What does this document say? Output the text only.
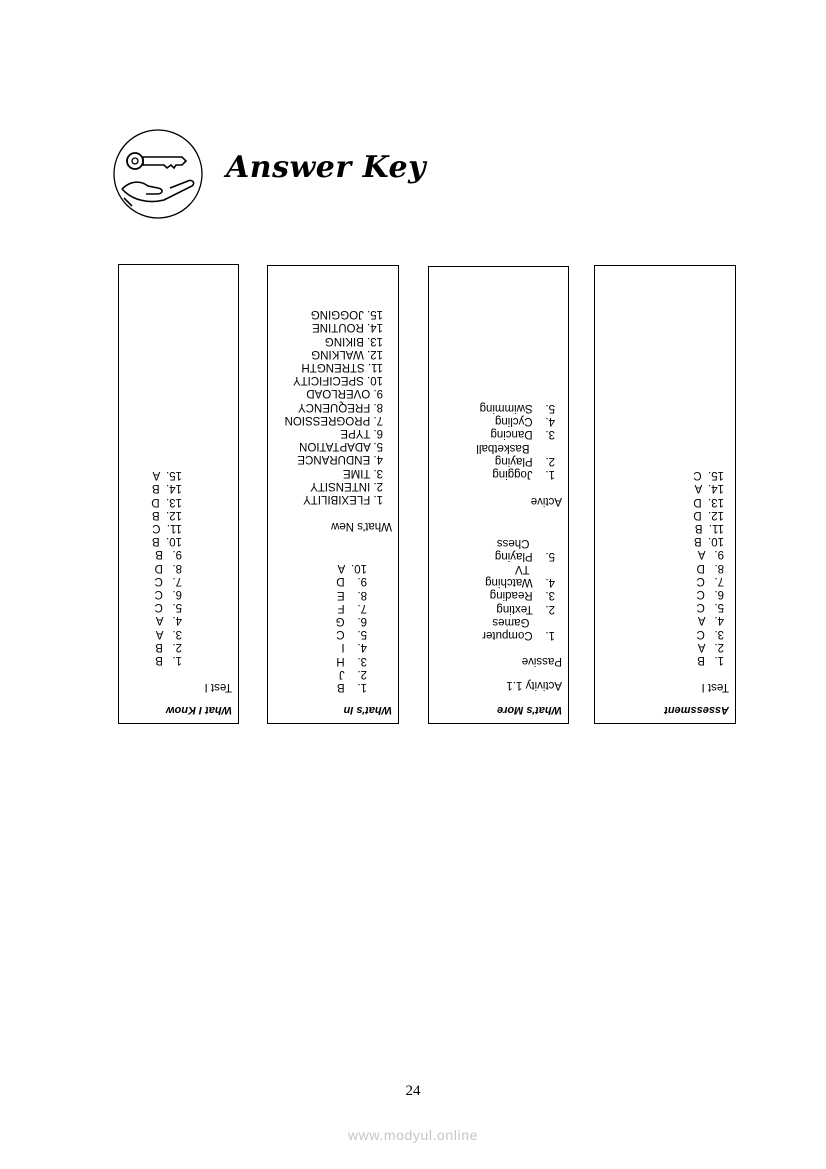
Answer Key
What I Know
Test I
1.   B
2.   B
3.   A
4.   A
5.   C
6.   C
7.   C
8.   D
9.   B
10.  B
11.  C
12.  B
13.  D
14.  B
15.  A
What's In
1.    B
2.    J
3.    H
4.    I
5.    C
6.    G
7.    F
8.    E
9.    D
10.  A
What's New
1. FLEXIBILITY
2. INTENSITY
3. TIME
4. ENDURANCE
5. ADAPTATION
6. TYPE
7. PROGRESSION
8. FREQUENCY
9. OVERLOAD
10. SPECIFICITY
11. STRENGTH
12. WALKING
13. BIKING
14. ROUTINE
15. JOGGING
What's More
Activity 1.1
Passive
1.    Computer
Games
2.    Texting
3.    Reading
4.    Watching
TV
5.    Playing
Chess
Active
1.    Jogging
2.    Playing
Basketball
3.    Dancing
4.    Cycling
5.    Swimming
Assessment
Test I
1.   B
2.   A
3.   C
4.   A
5.   C
6.   C
7.   C
8.   D
9.   A
10.  B
11.  B
12.  D
13.  D
14.  A
15.  C
24
www.modyul.online
